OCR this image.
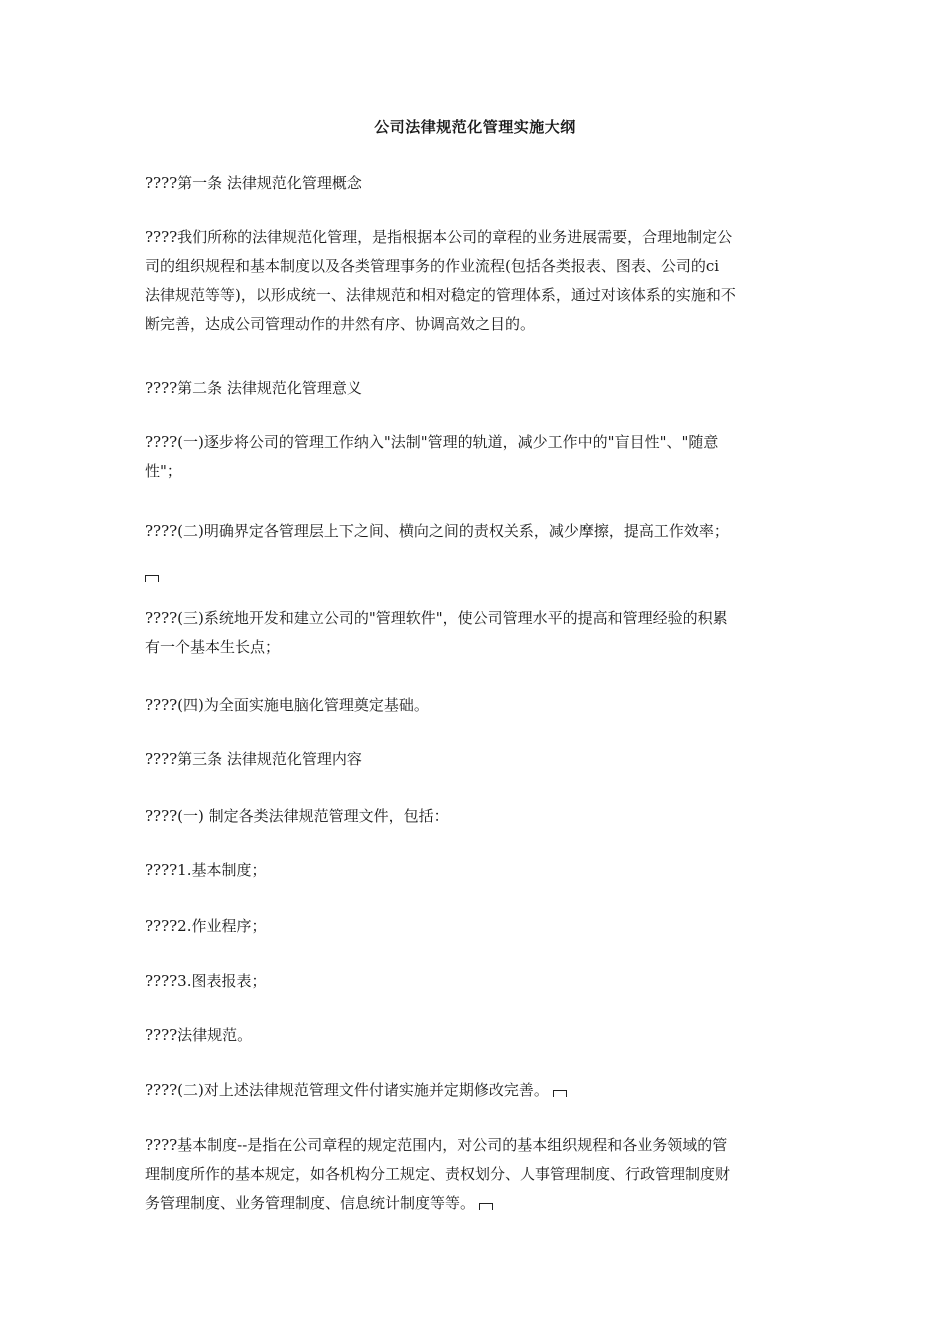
公司法律规范化管理实施大纲
????第一条 法律规范化管理概念
????我们所称的法律规范化管理，是指根据本公司的章程的业务进展需要，合理地制定公
司的组织规程和基本制度以及各类管理事务的作业流程(包括各类报表、图表、公司的ci
法律规范等等)，以形成统一、法律规范和相对稳定的管理体系，通过对该体系的实施和不
断完善，达成公司管理动作的井然有序、协调高效之目的。
????第二条 法律规范化管理意义
????(一)逐步将公司的管理工作纳入"法制"管理的轨道，减少工作中的"盲目性"、"随意
性"；
????(二)明确界定各管理层上下之间、横向之间的责权关系，减少摩擦，提高工作效率；
????(三)系统地开发和建立公司的"管理软件"，使公司管理水平的提高和管理经验的积累
有一个基本生长点；
????(四)为全面实施电脑化管理奠定基础。
????第三条 法律规范化管理内容
????(一) 制定各类法律规范管理文件，包括：
????1.基本制度；
????2.作业程序；
????3.图表报表；
????法律规范。
????(二)对上述法律规范管理文件付诸实施并定期修改完善。
????基本制度--是指在公司章程的规定范围内，对公司的基本组织规程和各业务领域的管
理制度所作的基本规定，如各机构分工规定、责权划分、人事管理制度、行政管理制度财
务管理制度、业务管理制度、信息统计制度等等。
